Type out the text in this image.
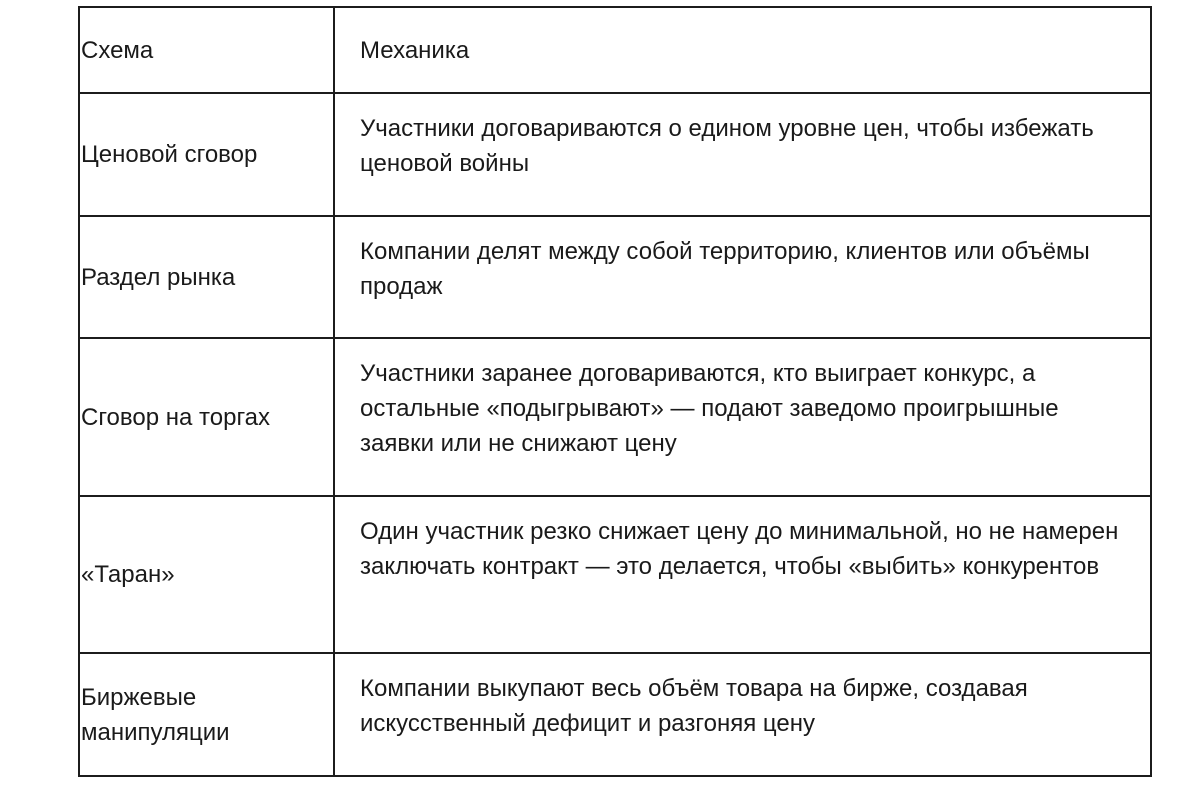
Схема	Механика

Ценовой сговор	Участники договариваются о едином уровне цен, чтобы избежать ценовой войны

Раздел рынка	Компании делят между собой территорию, клиентов или объёмы продаж

Сговор на торгах	Участники заранее договариваются, кто выиграет конкурс, а остальные «подыгрывают» — подают заведомо проигрышные заявки или не снижают цену

«Таран»	Один участник резко снижает цену до минимальной, но не намерен заключать контракт — это делается, чтобы «выбить» конкурентов

Биржевые манипуляции	Компании выкупают весь объём товара на бирже, создавая искусственный дефицит и разгоняя цену
